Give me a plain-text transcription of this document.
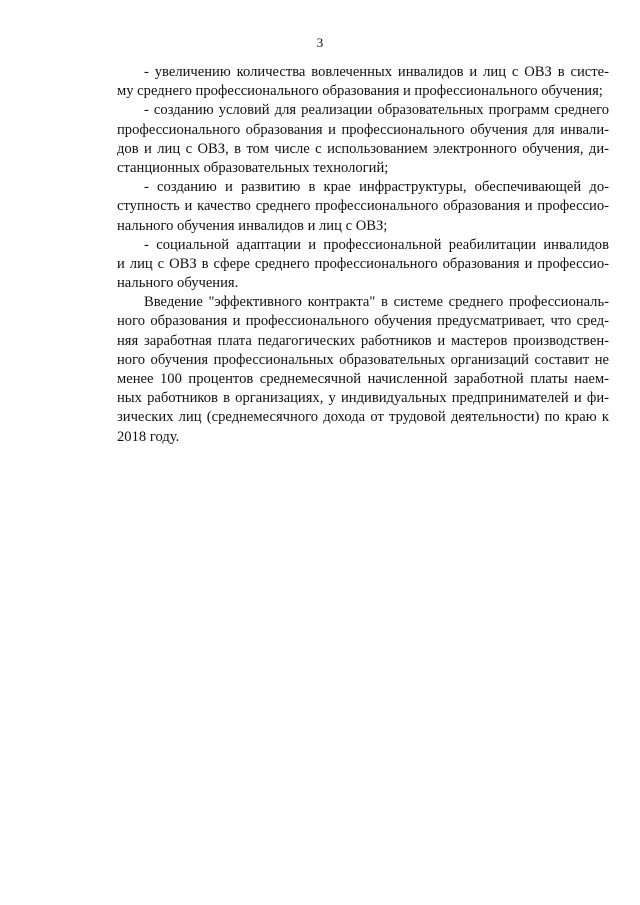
3
- увеличению количества вовлеченных инвалидов и лиц с ОВЗ в систе-
му среднего профессионального образования и профессионального обучения;
- созданию условий для реализации образовательных программ среднего
профессионального образования и профессионального обучения для инвали-
дов и лиц с ОВЗ, в том числе с использованием электронного обучения, ди-
станционных образовательных технологий;
- созданию и развитию в крае инфраструктуры, обеспечивающей до-
ступность и качество среднего профессионального образования и профессио-
нального обучения инвалидов и лиц с ОВЗ;
- социальной адаптации и профессиональной реабилитации инвалидов
и лиц с ОВЗ в сфере среднего профессионального образования и профессио-
нального обучения.
Введение "эффективного контракта" в системе среднего профессиональ-
ного образования и профессионального обучения предусматривает, что сред-
няя заработная плата педагогических работников и мастеров производствен-
ного обучения профессиональных образовательных организаций составит не
менее 100 процентов среднемесячной начисленной заработной платы наем-
ных работников в организациях, у индивидуальных предпринимателей и фи-
зических лиц (среднемесячного дохода от трудовой деятельности) по краю к
2018 году.
